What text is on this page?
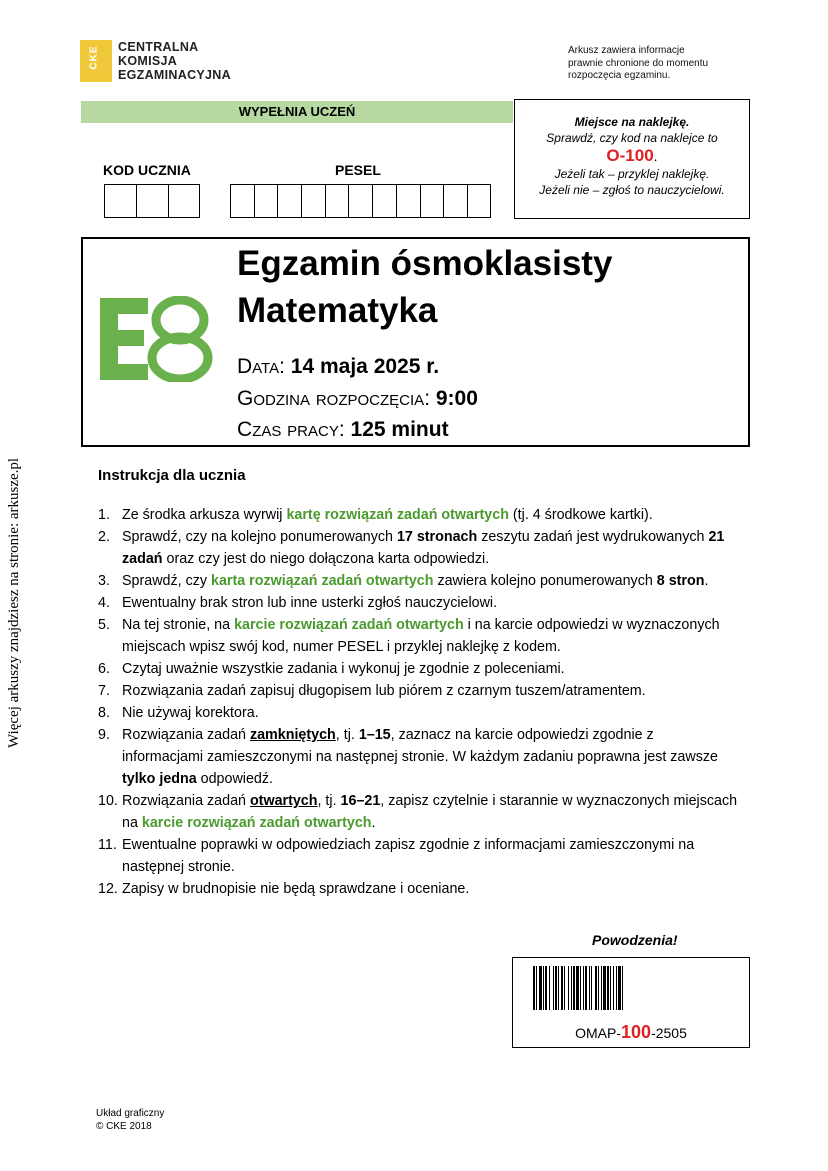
CKE CENTRALNA
KOMISJA
EGZAMINACYJNA
Arkusz zawiera informacje
prawnie chronione do momentu
rozpoczęcia egzaminu.
WYPEŁNIA UCZEŃ
KOD UCZNIA	PESEL
Miejsce na naklejkę.
Sprawdź, czy kod na naklejce to
O-100.
Jeżeli tak – przyklej naklejkę.
Jeżeli nie – zgłoś to nauczycielowi.
Egzamin ósmoklasisty
Matematyka
Data: 14 maja 2025 r.
Godzina rozpoczęcia: 9:00
Czas pracy: 125 minut
Instrukcja dla ucznia
1. Ze środka arkusza wyrwij kartę rozwiązań zadań otwartych (tj. 4 środkowe kartki).
2. Sprawdź, czy na kolejno ponumerowanych 17 stronach zeszytu zadań jest wydrukowanych 21 zadań oraz czy jest do niego dołączona karta odpowiedzi.
3. Sprawdź, czy karta rozwiązań zadań otwartych zawiera kolejno ponumerowanych 8 stron.
4. Ewentualny brak stron lub inne usterki zgłoś nauczycielowi.
5. Na tej stronie, na karcie rozwiązań zadań otwartych i na karcie odpowiedzi w wyznaczonych miejscach wpisz swój kod, numer PESEL i przyklej naklejkę z kodem.
6. Czytaj uważnie wszystkie zadania i wykonuj je zgodnie z poleceniami.
7. Rozwiązania zadań zapisuj długopisem lub piórem z czarnym tuszem/atramentem.
8. Nie używaj korektora.
9. Rozwiązania zadań zamkniętych, tj. 1–15, zaznacz na karcie odpowiedzi zgodnie z informacjami zamieszczonymi na następnej stronie. W każdym zadaniu poprawna jest zawsze tylko jedna odpowiedź.
10. Rozwiązania zadań otwartych, tj. 16–21, zapisz czytelnie i starannie w wyznaczonych miejscach na karcie rozwiązań zadań otwartych.
11. Ewentualne poprawki w odpowiedziach zapisz zgodnie z informacjami zamieszczonymi na następnej stronie.
12. Zapisy w brudnopisie nie będą sprawdzane i oceniane.
Powodzenia!
OMAP-100-2505
Więcej arkuszy znajdziesz na stronie: arkusze.pl
Układ graficzny
© CKE 2018
